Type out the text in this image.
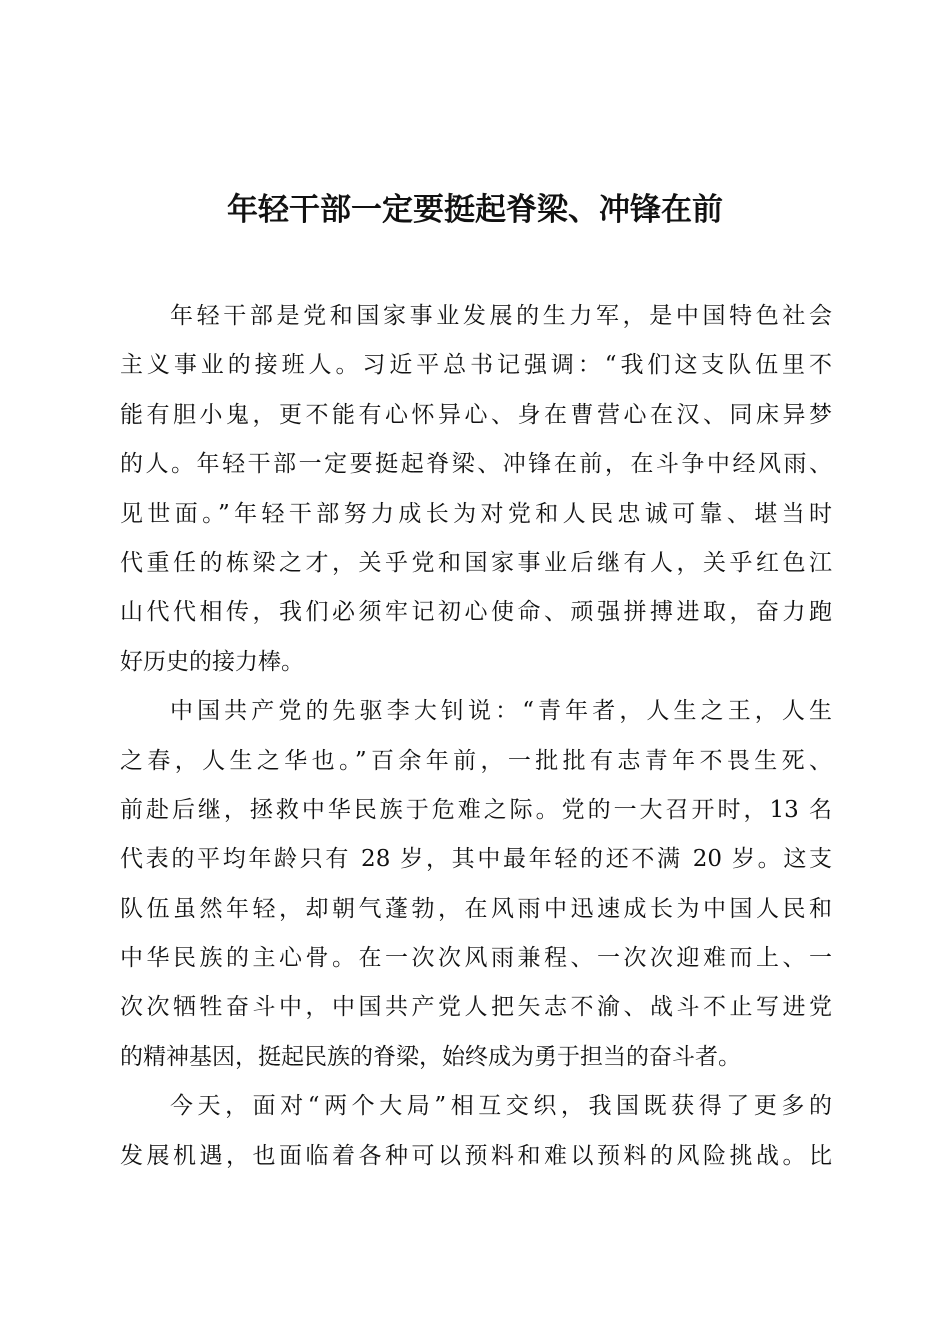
年轻干部一定要挺起脊梁、冲锋在前
年轻干部是党和国家事业发展的生力军，是中国特色社会
主义事业的接班人。习近平总书记强调：“我们这支队伍里不
能有胆小鬼，更不能有心怀异心、身在曹营心在汉、同床异梦
的人。年轻干部一定要挺起脊梁、冲锋在前，在斗争中经风雨、
见世面。”年轻干部努力成长为对党和人民忠诚可靠、堪当时
代重任的栋梁之才，关乎党和国家事业后继有人，关乎红色江
山代代相传，我们必须牢记初心使命、顽强拼搏进取，奋力跑
好历史的接力棒。
中国共产党的先驱李大钊说：“青年者，人生之王，人生
之春，人生之华也。”百余年前，一批批有志青年不畏生死、
前赴后继，拯救中华民族于危难之际。党的一大召开时，13 名
代表的平均年龄只有 28 岁，其中最年轻的还不满 20 岁。这支
队伍虽然年轻，却朝气蓬勃，在风雨中迅速成长为中国人民和
中华民族的主心骨。在一次次风雨兼程、一次次迎难而上、一
次次牺牲奋斗中，中国共产党人把矢志不渝、战斗不止写进党
的精神基因，挺起民族的脊梁，始终成为勇于担当的奋斗者。
今天，面对“两个大局”相互交织，我国既获得了更多的
发展机遇，也面临着各种可以预料和难以预料的风险挑战。比
